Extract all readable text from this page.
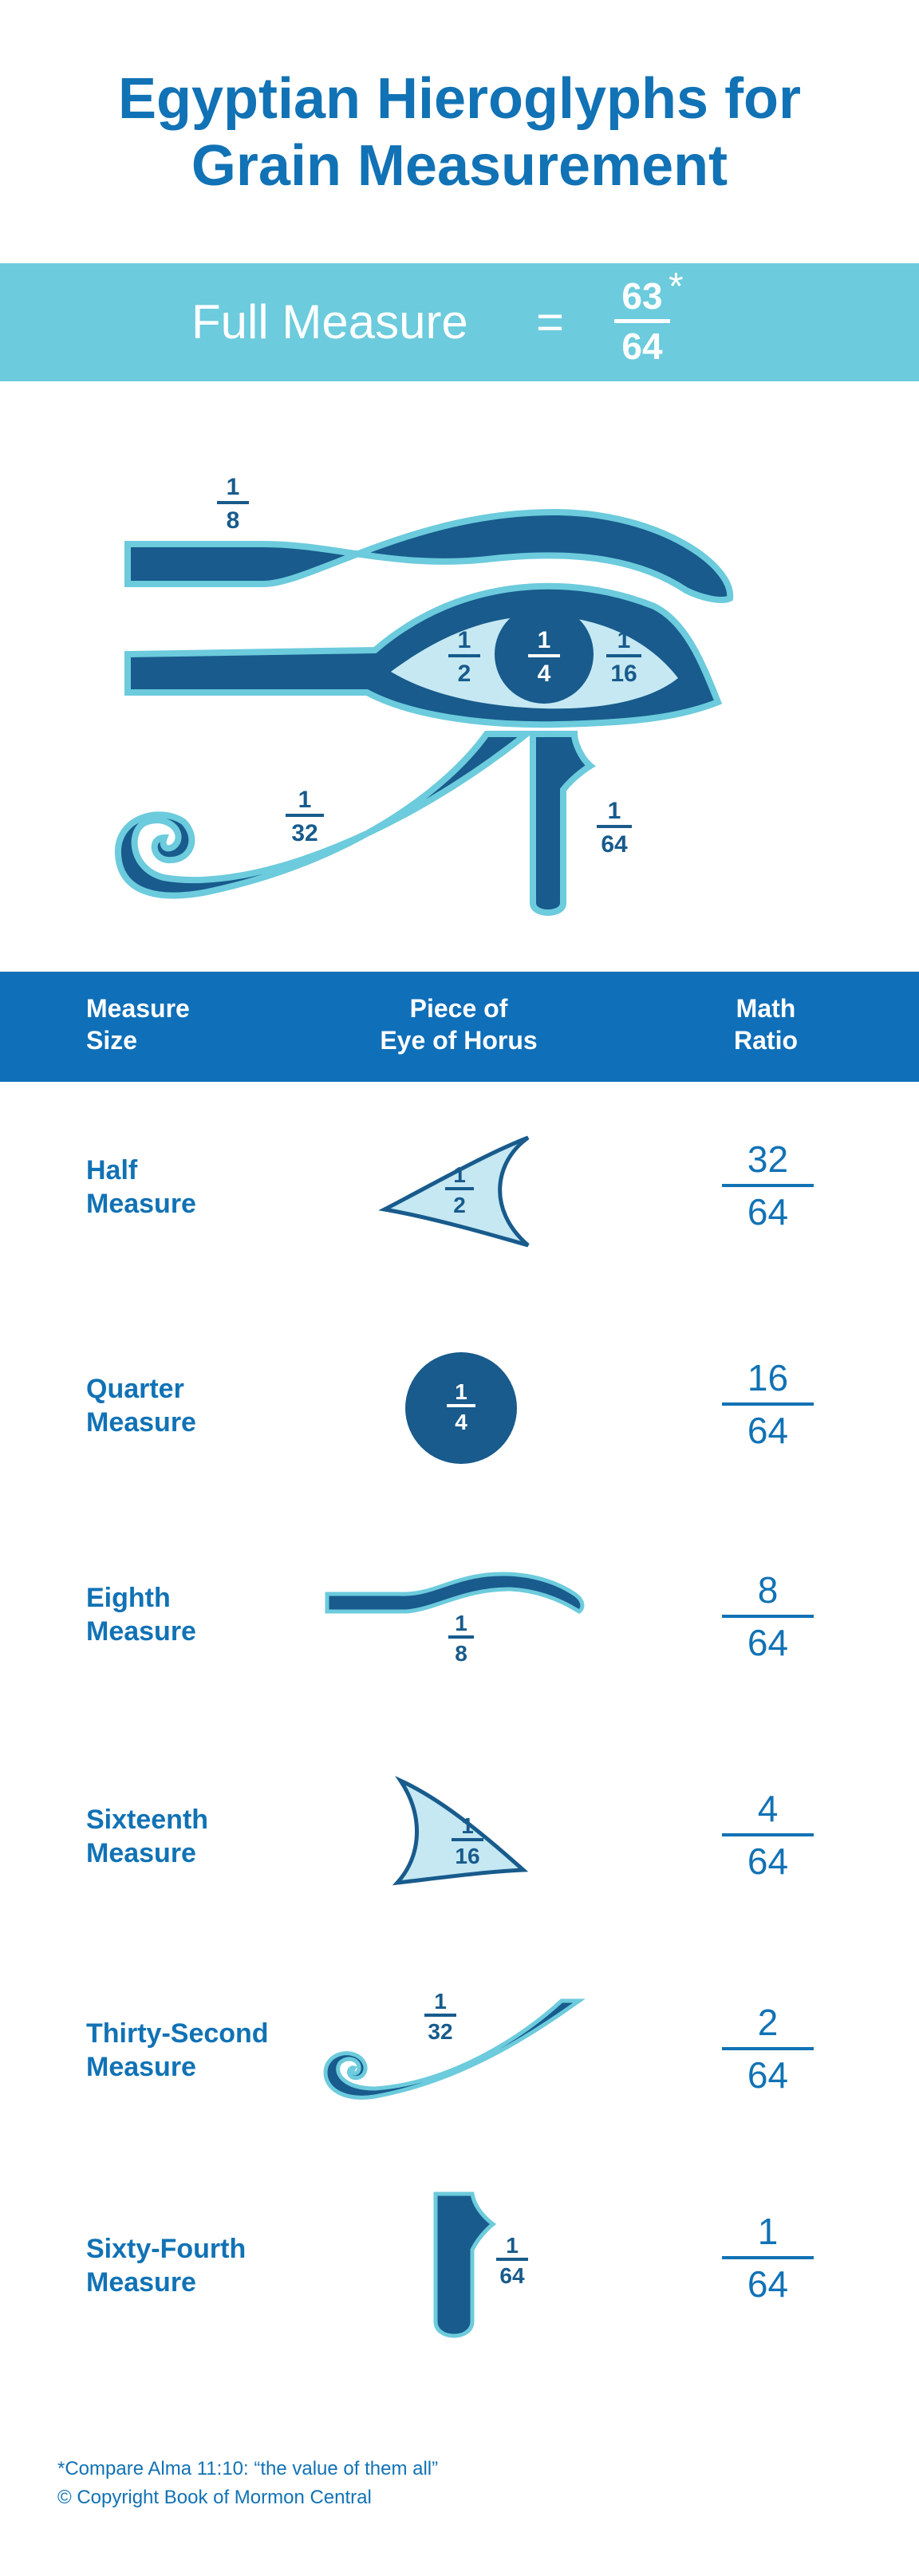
Egyptian Hieroglyphs for
Grain Measurement
Full Measure = 63
64
*
1
8
1
2
1
4
1
16
1
32
1
64
Measure
Size
Piece of
Eye of Horus
Math
Ratio
Half
Measure
1
2
32
64
Quarter
Measure
1
4
16
64
Eighth
Measure	1
8
8
64
Sixteenth
Measure
1
16
4
64
Thirty-Second
Measure
1
32	2
64
Sixty-Fourth
Measure
1
64
1
64
*Compare Alma 11:10: “the value of them all”
© Copyright Book of Mormon Central
